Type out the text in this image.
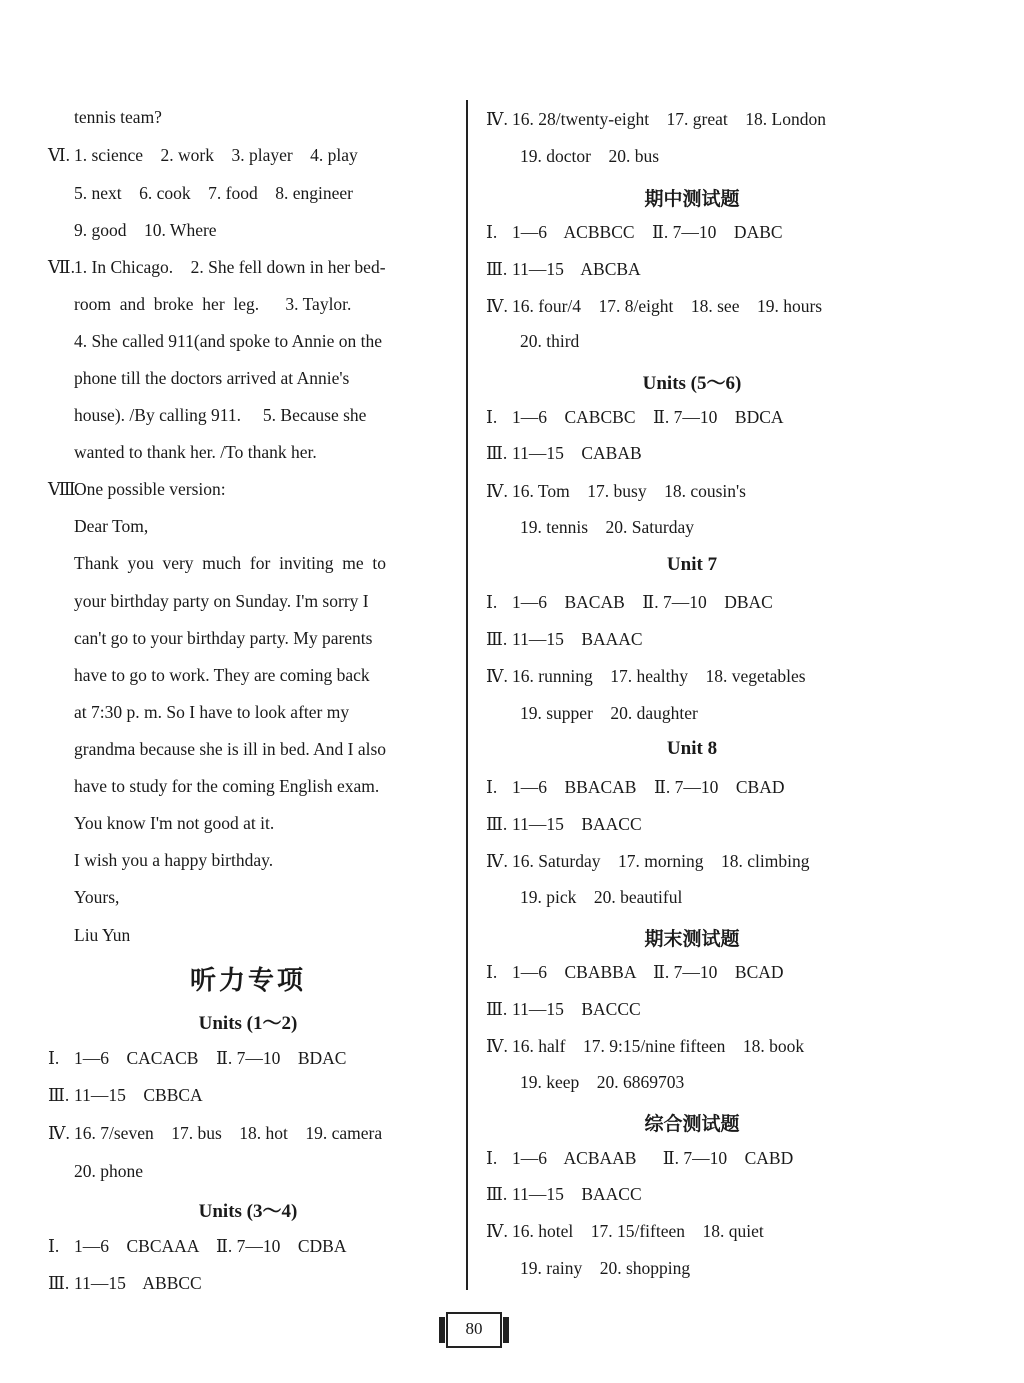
tennis team?
Ⅵ. 1. science    2. work    3. player    4. play
5. next    6. cook    7. food    8. engineer
9. good    10. Where
Ⅶ.1. In Chicago.    2. She fell down in her bed-
room  and  broke  her  leg.      3. Taylor.
4. She called 911(and spoke to Annie on the
phone till the doctors arrived at Annie's
house). /By calling 911.     5. Because she
wanted to thank her. /To thank her.
Ⅷ.One possible version:
Dear Tom,
Thank  you  very  much  for  inviting  me  to
your birthday party on Sunday. I'm sorry I
can't go to your birthday party. My parents
have to go to work. They are coming back
at 7:30 p. m. So I have to look after my
grandma because she is ill in bed. And I also
have to study for the coming English exam.
You know I'm not good at it.
I wish you a happy birthday.
Yours,
Liu Yun
Ⅰ. 1—6    CACACB    Ⅱ. 7—10    BDAC
Ⅲ. 11—15    CBBCA
Ⅳ. 16. 7/seven    17. bus    18. hot    19. camera
20. phone
Ⅰ. 1—6    CBCAAA    Ⅱ. 7—10    CDBA
Ⅲ. 11—15    ABBCC
听力专项
Units (1～2)
Units (3～4)
Ⅳ. 16. 28/twenty-eight    17. great    18. London
19. doctor    20. bus
Ⅰ. 1—6    ACBBCC    Ⅱ. 7—10    DABC
Ⅲ. 11—15    ABCBA
Ⅳ. 16. four/4    17. 8/eight    18. see    19. hours
20. third
Ⅰ. 1—6    CABCBC    Ⅱ. 7—10    BDCA
Ⅲ. 11—15    CABAB
Ⅳ. 16. Tom    17. busy    18. cousin's
19. tennis    20. Saturday
Ⅰ. 1—6    BACAB    Ⅱ. 7—10    DBAC
Ⅲ. 11—15    BAAAC
Ⅳ. 16. running    17. healthy    18. vegetables
19. supper    20. daughter
Ⅰ. 1—6    BBACAB    Ⅱ. 7—10    CBAD
Ⅲ. 11—15    BAACC
Ⅳ. 16. Saturday    17. morning    18. climbing
19. pick    20. beautiful
Ⅰ. 1—6    CBABBA    Ⅱ. 7—10    BCAD
Ⅲ. 11—15    BACCC
Ⅳ. 16. half    17. 9:15/nine fifteen    18. book
19. keep    20. 6869703
Ⅰ. 1—6    ACBAAB      Ⅱ. 7—10    CABD
Ⅲ. 11—15    BAACC
Ⅳ. 16. hotel    17. 15/fifteen    18. quiet
19. rainy    20. shopping
期中测试题
Units (5～6)
Unit 7
Unit 8
期末测试题
综合测试题
80
